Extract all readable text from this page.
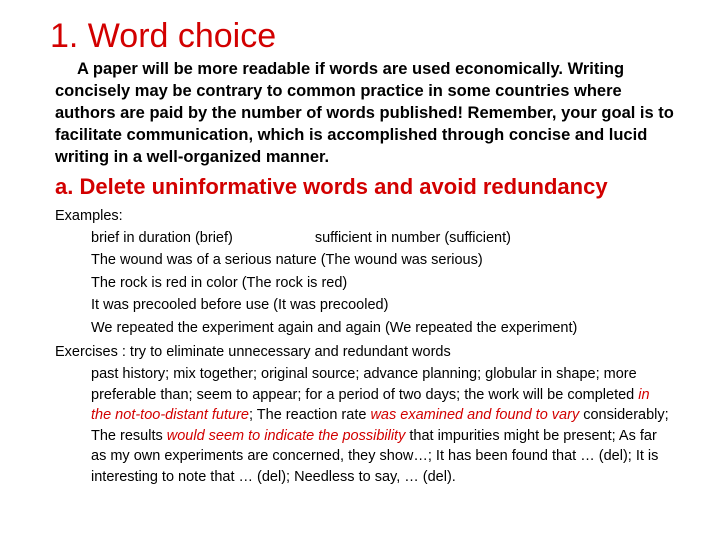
1. Word choice

A paper will be more readable if words are used economically. Writing concisely may be contrary to common practice in some countries where authors are paid by the number of words published! Remember, your goal is to facilitate communication, which is accomplished through concise and lucid writing in a well-organized manner.

a. Delete uninformative words and avoid redundancy
Examples:
brief in duration (brief)	sufficient in number (sufficient)
The wound was of a serious nature (The wound was serious)
The rock is red in color (The rock is red)
It was precooled before use (It was precooled)
We repeated the experiment again and again (We repeated the experiment)
Exercises : try to eliminate unnecessary and redundant words

past history; mix together; original source; advance planning; globular in shape; more preferable than; seem to appear; for a period of two days; the work will be completed in the not-too-distant future; The reaction rate was examined and found to vary considerably; The results would seem to indicate the possibility that impurities might be present; As far as my own experiments are concerned, they show…; It has been found that … (del); It is interesting to note that … (del); Needless to say, … (del).
